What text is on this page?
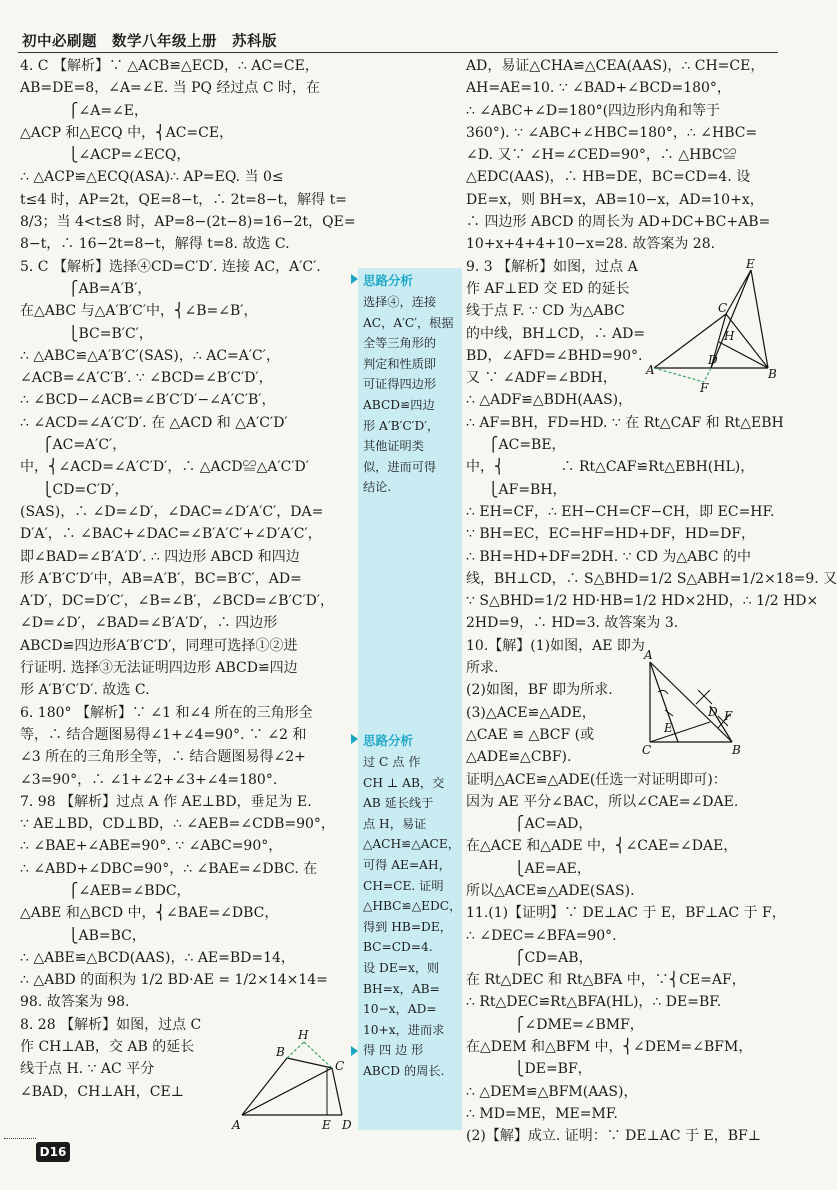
初中必刷题　数学八年级上册　苏科版
4. C 【解析】∵ △ACB≌△ECD，∴ AC=CE，
AB=DE=8，∠A=∠E. 当 PQ 经过点 C 时，在
⎧∠A=∠E，
△ACP 和△ECQ 中，⎨AC=CE，
⎩∠ACP=∠ECQ，
∴ △ACP≌△ECQ(ASA)∴ AP=EQ. 当 0≤
t≤4 时，AP=2t，QE=8−t，∴ 2t=8−t，解得 t=
8/3；当 4<t≤8 时，AP=8−(2t−8)=16−2t，QE=
8−t，∴ 16−2t=8−t，解得 t=8. 故选 C.
5. C 【解析】选择④CD=C′D′. 连接 AC，A′C′.
⎧AB=A′B′，
在△ABC 与△A′B′C′中，⎨∠B=∠B′，
⎩BC=B′C′，
∴ △ABC≌△A′B′C′(SAS)，∴ AC=A′C′，
∠ACB=∠A′C′B′. ∵ ∠BCD=∠B′C′D′，
∴ ∠BCD−∠ACB=∠B′C′D′−∠A′C′B′，
∴ ∠ACD=∠A′C′D′. 在 △ACD 和 △A′C′D′
⎧AC=A′C′，
中，⎨∠ACD=∠A′C′D′，∴ △ACD≌△A′C′D′
⎩CD=C′D′，
(SAS)，∴ ∠D=∠D′，∠DAC=∠D′A′C′，DA=
D′A′，∴ ∠BAC+∠DAC=∠B′A′C′+∠D′A′C′，
即∠BAD=∠B′A′D′. ∴ 四边形 ABCD 和四边
形 A′B′C′D′中，AB=A′B′，BC=B′C′，AD=
A′D′，DC=D′C′，∠B=∠B′，∠BCD=∠B′C′D′，
∠D=∠D′，∠BAD=∠B′A′D′，∴ 四边形
ABCD≌四边形A′B′C′D′，同理可选择①②进
行证明. 选择③无法证明四边形 ABCD≌四边
形 A′B′C′D′. 故选 C.
6. 180° 【解析】∵ ∠1 和∠4 所在的三角形全
等，∴ 结合题图易得∠1+∠4=90°. ∵ ∠2 和
∠3 所在的三角形全等，∴ 结合题图易得∠2+
∠3=90°，∴ ∠1+∠2+∠3+∠4=180°.
7. 98 【解析】过点 A 作 AE⊥BD，垂足为 E.
∵ AE⊥BD，CD⊥BD，∴ ∠AEB=∠CDB=90°，
∴ ∠BAE+∠ABE=90°. ∵ ∠ABC=90°，
∴ ∠ABD+∠DBC=90°，∴ ∠BAE=∠DBC. 在
⎧∠AEB=∠BDC，
△ABE 和△BCD 中，⎨∠BAE=∠DBC，
⎩AB=BC，
∴ △ABE≌△BCD(AAS)，∴ AE=BD=14，
∴ △ABD 的面积为 1/2 BD·AE = 1/2×14×14=
98. 故答案为 98.
8. 28 【解析】如图，过点 C
作 CH⊥AB，交 AB 的延长
线于点 H. ∵ AC 平分
∠BAD，CH⊥AH，CE⊥
AD，易证△CHA≌△CEA(AAS)，∴ CH=CE，
AH=AE=10. ∵ ∠BAD+∠BCD=180°，
∴ ∠ABC+∠D=180°(四边形内角和等于
360°). ∵ ∠ABC+∠HBC=180°，∴ ∠HBC=
∠D. 又∵ ∠H=∠CED=90°，∴ △HBC≌
△EDC(AAS)，∴ HB=DE，BC=CD=4. 设
DE=x，则 BH=x，AB=10−x，AD=10+x，
∴ 四边形 ABCD 的周长为 AD+DC+BC+AB=
10+x+4+4+10−x=28. 故答案为 28.
9. 3 【解析】如图，过点 A
作 AF⊥ED 交 ED 的延长
线于点 F. ∵ CD 为△ABC
的中线，BH⊥CD，∴ AD=
BD，∠AFD=∠BHD=90°.
又 ∵ ∠ADF=∠BDH，
∴ △ADF≌△BDH(AAS)，
∴ AF=BH，FD=HD. ∵ 在 Rt△CAF 和 Rt△EBH
⎧AC=BE，
中，⎨　　　　∴ Rt△CAF≌Rt△EBH(HL)，
⎩AF=BH，
∴ EH=CF，∴ EH−CH=CF−CH，即 EC=HF.
∵ BH=EC，EC=HF=HD+DF，HD=DF，
∴ BH=HD+DF=2DH. ∵ CD 为△ABC 的中
线，BH⊥CD，∴ S△BHD=1/2 S△ABH=1/2×18=9. 又
∵ S△BHD=1/2 HD·HB=1/2 HD×2HD，∴ 1/2 HD×
2HD=9，∴ HD=3. 故答案为 3.
10.【解】(1)如图，AE 即为
所求.
(2)如图，BF 即为所求.
(3)△ACE≌△ADE，
△CAE ≌ △BCF (或
△ADE≌△CBF).
证明△ACE≌△ADE(任选一对证明即可)：
因为 AE 平分∠BAC，所以∠CAE=∠DAE.
⎧AC=AD，
在△ACE 和△ADE 中，⎨∠CAE=∠DAE，
⎩AE=AE，
所以△ACE≌△ADE(SAS).
11.(1)【证明】∵ DE⊥AC 于 E，BF⊥AC 于 F，
∴ ∠DEC=∠BFA=90°.
⎧CD=AB，
在 Rt△DEC 和 Rt△BFA 中，∵⎨CE=AF，
∴ Rt△DEC≌Rt△BFA(HL)，∴ DE=BF.
⎧∠DME=∠BMF，
在△DEM 和△BFM 中，⎨∠DEM=∠BFM，
⎩DE=BF，
∴ △DEM≌△BFM(AAS)，
∴ MD=ME，ME=MF.
(2)【解】成立. 证明：∵ DE⊥AC 于 E，BF⊥
思路分析
选择④，连接
AC，A′C′，根据
全等三角形的
判定和性质即
可证得四边形
ABCD≌四边
形 A′B′C′D′，
其他证明类
似，进而可得
结论.
思路分析
过 C 点 作
CH ⊥ AB，交
AB 延长线于
点 H，易证
△ACH≌△ACE，
可得 AE=AH，
CH=CE. 证明
△HBC≌△EDC，
得到 HB=DE，
BC=CD=4.
设 DE=x，则
BH=x，AB=
10−x，AD=
10+x，进而求
得 四 边 形
ABCD 的周长.
H
B
C
A	E D
E
C
H
A
D
B
F
A
E
D F
C	B
D16
